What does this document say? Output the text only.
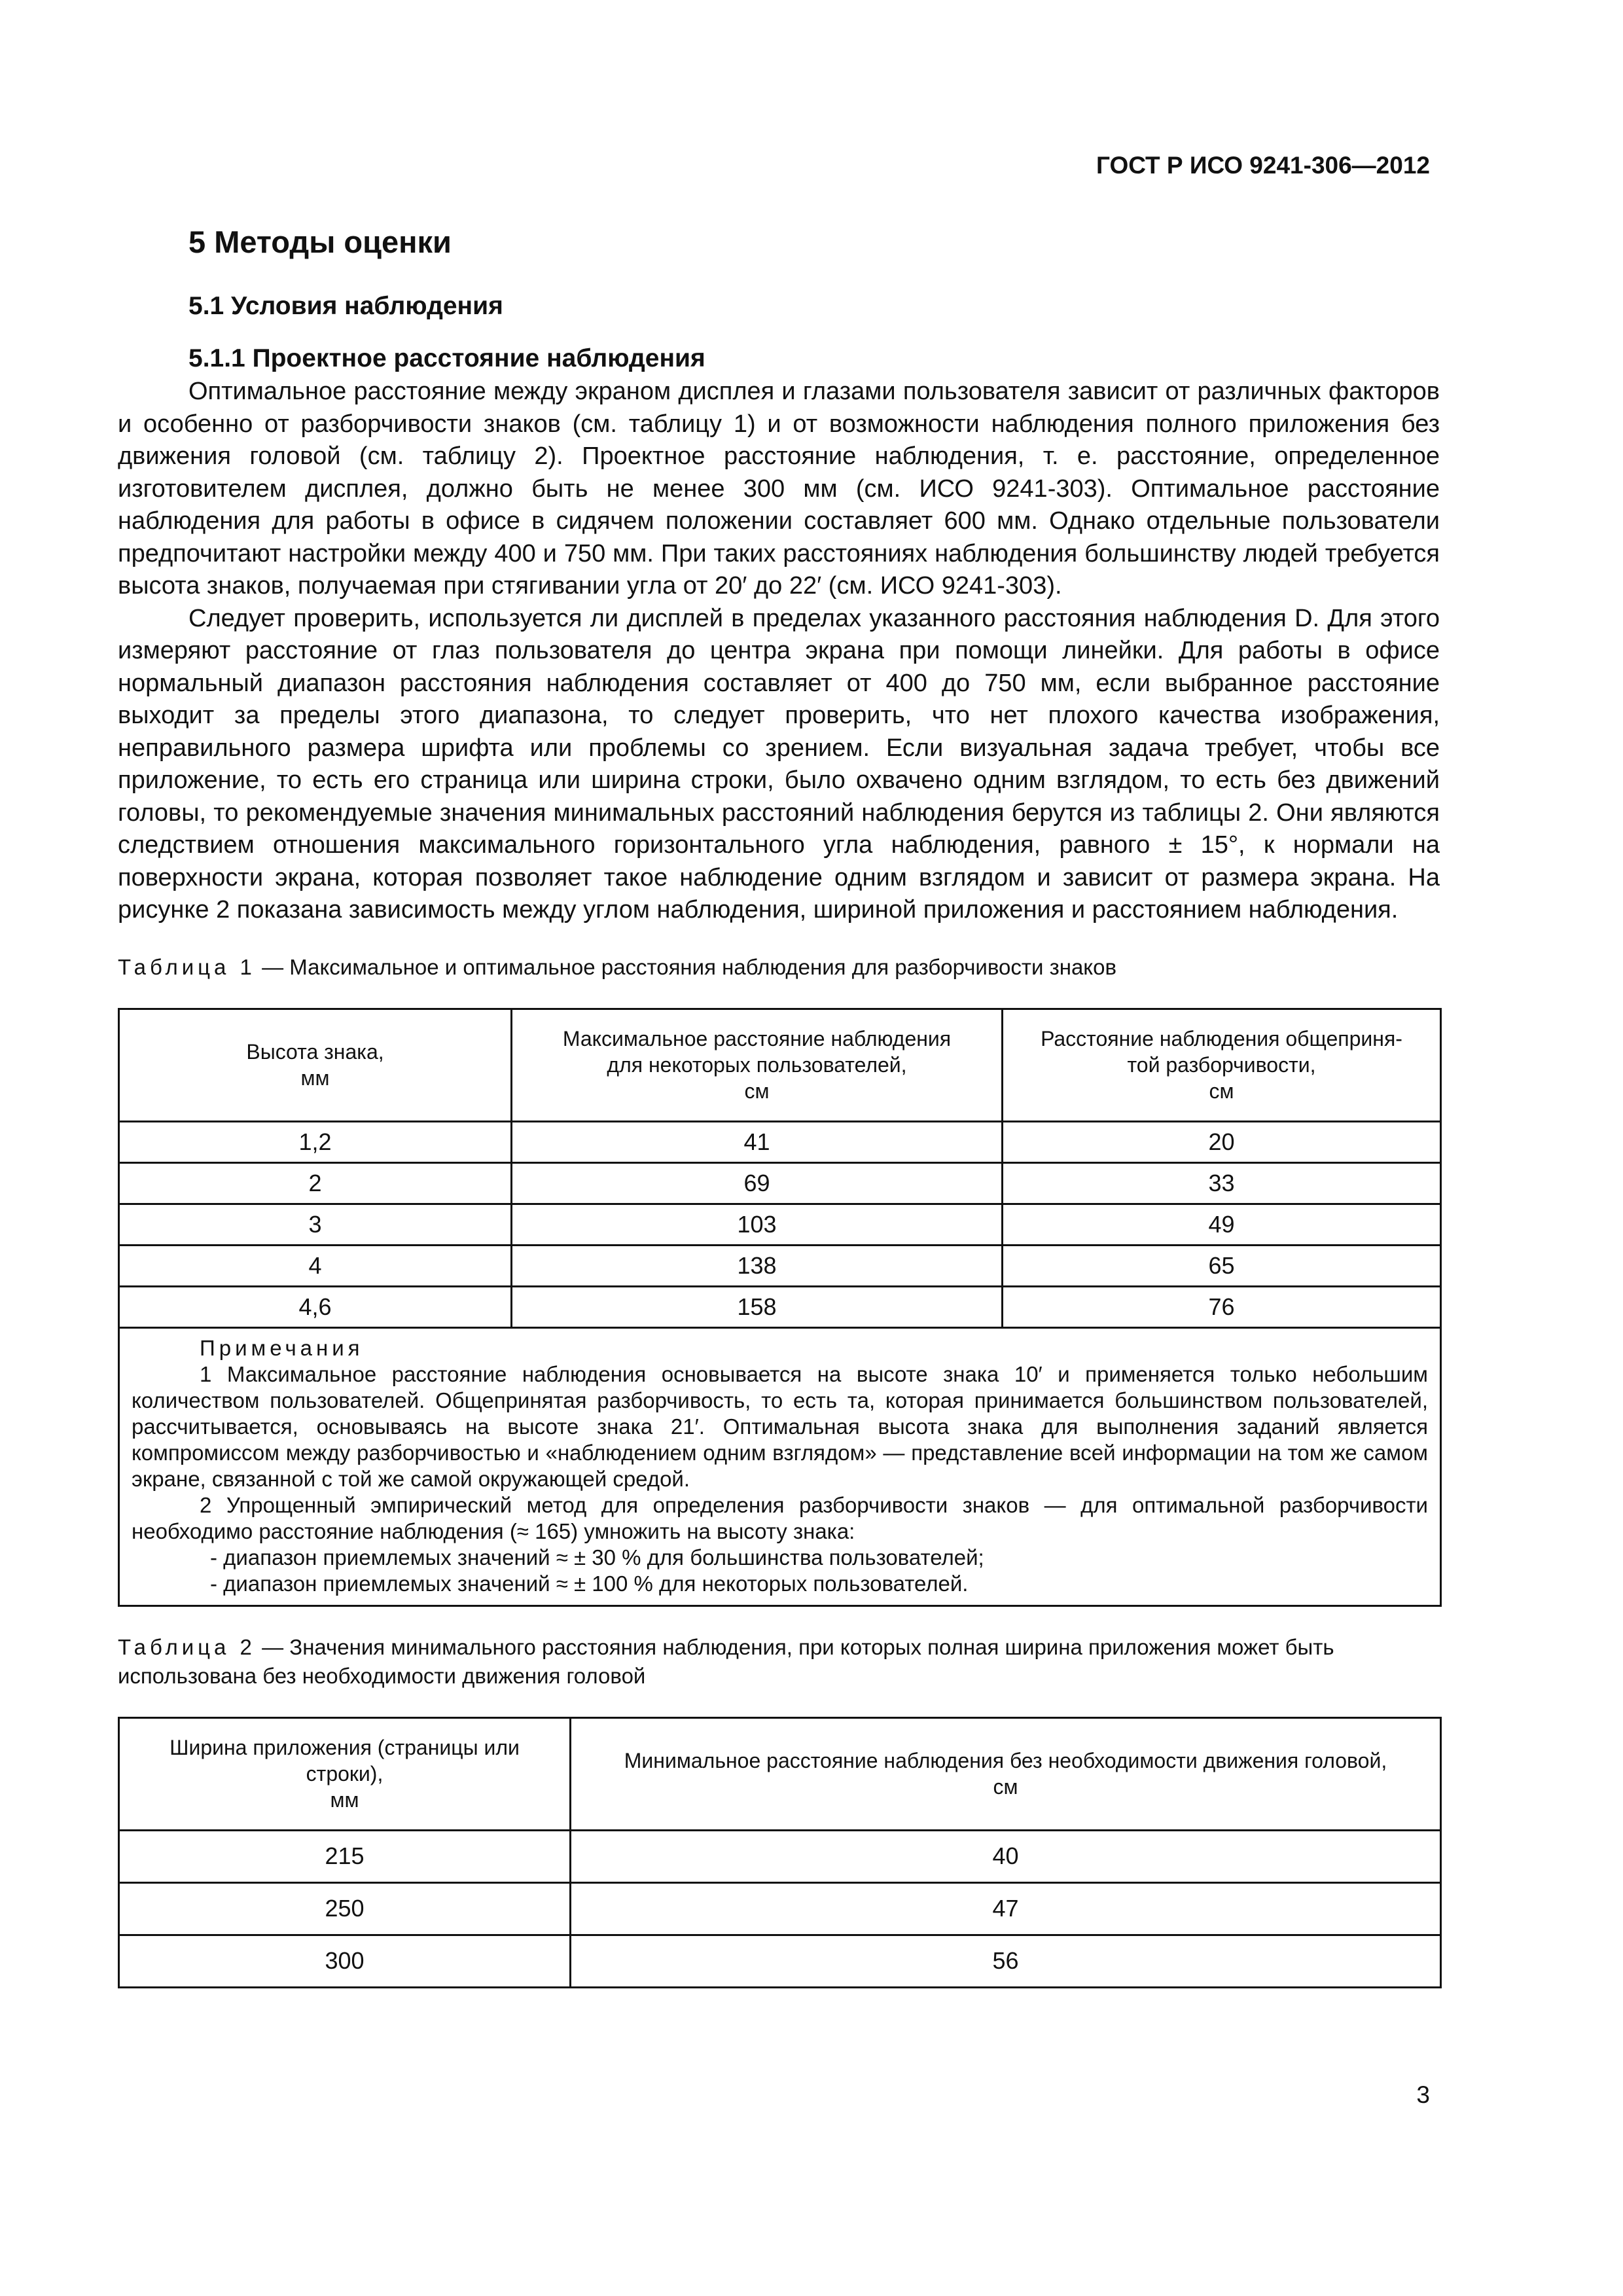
ГОСТ Р ИСО 9241-306—2012
5 Методы оценки
5.1 Условия наблюдения
5.1.1 Проектное расстояние наблюдения

Оптимальное расстояние между экраном дисплея и глазами пользователя зависит от различных факторов и особенно от разборчивости знаков (см. таблицу 1) и от возможности наблюдения полного приложения без движения головой (см. таблицу 2). Проектное расстояние наблюдения, т. е. расстояние, определенное изготовителем дисплея, должно быть не менее 300 мм (см. ИСО 9241-303). Оптимальное расстояние наблюдения для работы в офисе в сидячем положении составляет 600 мм. Однако отдельные пользователи предпочитают настройки между 400 и 750 мм. При таких расстояниях наблюдения большинству людей требуется высота знаков, получаемая при стягивании угла от 20′ до 22′ (см. ИСО 9241-303).

Следует проверить, используется ли дисплей в пределах указанного расстояния наблюдения D. Для этого измеряют расстояние от глаз пользователя до центра экрана при помощи линейки. Для работы в офисе нормальный диапазон расстояния наблюдения составляет от 400 до 750 мм, если выбранное расстояние выходит за пределы этого диапазона, то следует проверить, что нет плохого качества изображения, неправильного размера шрифта или проблемы со зрением. Если визуальная задача требует, чтобы все приложение, то есть его страница или ширина строки, было охвачено одним взглядом, то есть без движений головы, то рекомендуемые значения минимальных расстояний наблюдения берутся из таблицы 2. Они являются следствием отношения максимального горизонтального угла наблюдения, равного ± 15°, к нормали на поверхности экрана, которая позволяет такое наблюдение одним взглядом и зависит от размера экрана. На рисунке 2 показана зависимость между углом наблюдения, шириной приложения и расстоянием наблюдения.

Таблица 1 — Максимальное и оптимальное расстояния наблюдения для разборчивости знаков
Высота знака,
мм	Максимальное расстояние наблюдения
для некоторых пользователей,
см	Расстояние наблюдения общеприня-
той разборчивости,
см
1,2	41	20
2	69	33
3	103	49
4	138	65
4,6	158	76

Примечания

1 Максимальное расстояние наблюдения основывается на высоте знака 10′ и применяется только небольшим количеством пользователей. Общепринятая разборчивость, то есть та, которая принимается большинством пользователей, рассчитывается, основываясь на высоте знака 21′. Оптимальная высота знака для выполнения заданий является компромиссом между разборчивостью и «наблюдением одним взглядом» — представление всей информации на том же самом экране, связанной с той же самой окружающей средой.

2 Упрощенный эмпирический метод для определения разборчивости знаков — для оптимальной разборчивости необходимо расстояние наблюдения (≈ 165) умножить на высоту знака:

- диапазон приемлемых значений ≈ ± 30 % для большинства пользователей;

- диапазон приемлемых значений ≈ ± 100 % для некоторых пользователей.		

Таблица 2 — Значения минимального расстояния наблюдения, при которых полная ширина приложения может быть использована без необходимости движения головой
Ширина приложения (страницы или
строки),
мм	Минимальное расстояние наблюдения без необходимости движения головой,
см
215	40
250	47
300	56
3
